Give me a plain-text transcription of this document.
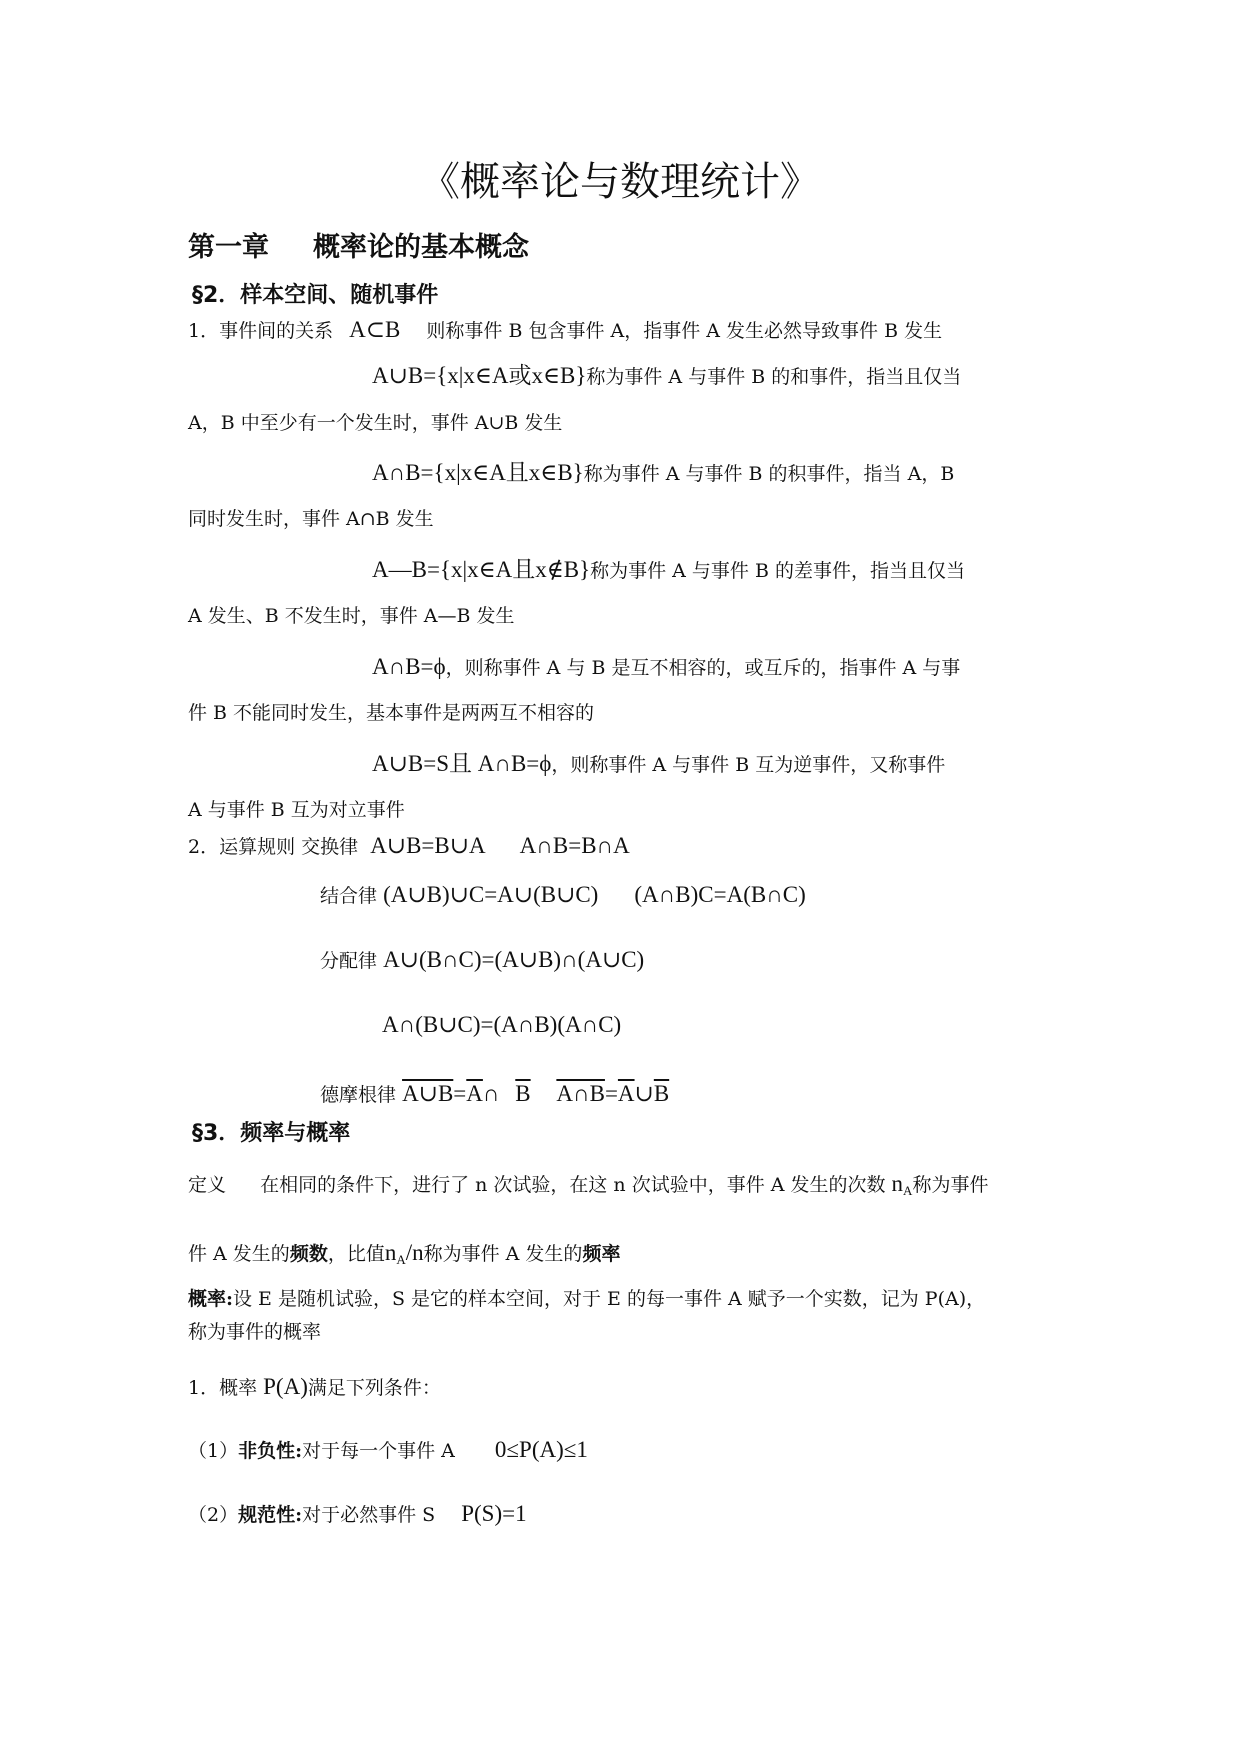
《概率论与数理统计》
第一章 概率论的基本概念
§2．样本空间、随机事件
1．事件间的关系 A⊂B 则称事件 B 包含事件 A，指事件 A 发生必然导致事件 B 发生
A∪B={x|x∈A或x∈B}称为事件 A 与事件 B 的和事件，指当且仅当
A，B 中至少有一个发生时，事件 A∪B 发生
A∩B={x|x∈A且x∈B}称为事件 A 与事件 B 的积事件，指当 A，B
同时发生时，事件 A∩B 发生
A—B={x|x∈A且x∉B}称为事件 A 与事件 B 的差事件，指当且仅当
A 发生、B 不发生时，事件 A—B 发生
A∩B=ϕ，则称事件 A 与 B 是互不相容的，或互斥的，指事件 A 与事
件 B 不能同时发生，基本事件是两两互不相容的
A∪B=S且 A∩B=ϕ，则称事件 A 与事件 B 互为逆事件，又称事件
A 与事件 B 互为对立事件
2．运算规则 交换律 A∪B=B∪A A∩B=B∩A
结合律 (A∪B)∪C=A∪(B∪C) (A∩B)C=A(B∩C)
分配律 A∪(B∩C)=(A∪B)∩(A∪C)
A∩(B∪C)=(A∩B)(A∩C)
德摩根律 $A\cup B=\overline{A}\cap$ $\overline{B}$ $A\cap B=\overline{A}\cup\overline{B}$
§3．频率与概率
定义 在相同的条件下，进行了 n 次试验，在这 n 次试验中，事件 A 发生的次数 $n_A$称为事件
件 A 发生的频数，比值$n_A/n$称为事件 A 发生的频率
概率:设 E 是随机试验，S 是它的样本空间，对于 E 的每一事件 A 赋予一个实数，记为 P(A)，
称为事件的概率
1．概率 P(A)满足下列条件：
（1）非负性:对于每一个事件 A 0≤P(A)≤1
（2）规范性:对于必然事件 S P(S)=1
